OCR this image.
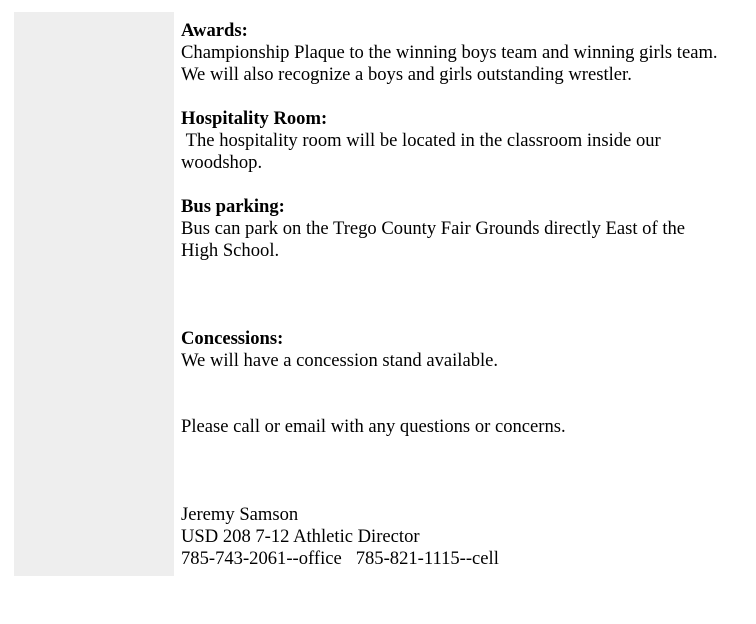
Awards:
Championship Plaque to the winning boys team and winning girls team.  We will also recognize a boys and girls outstanding wrestler.
Hospitality Room:
The hospitality room will be located in the classroom inside our woodshop.
Bus parking:
Bus can park on the Trego County Fair Grounds directly East of the High School.
Concessions:
We will have a concession stand available.
Please call or email with any questions or concerns.
Jeremy Samson
USD 208 7-12 Athletic Director
785-743-2061--office   785-821-1115--cell
